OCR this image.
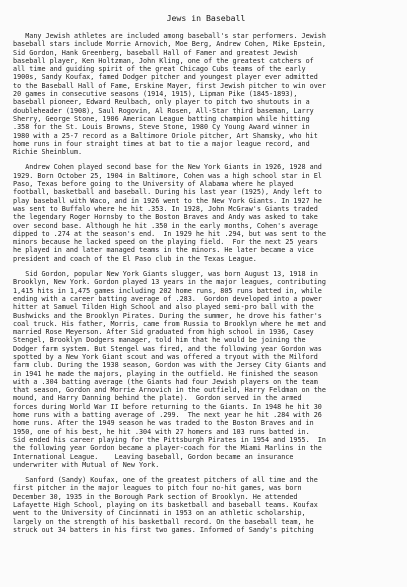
Jews in Baseball
Many Jewish athletes are included among baseball's star performers. Jewish
baseball stars include Morrie Arnovich, Moe Berg, Andrew Cohen, Mike Epstein,
Sid Gordon, Hank Greenberg, baseball Hall of Famer and greatest Jewish
baseball player, Ken Holtzman, John Kling, one of the greatest catchers of
all time and guiding spirit of the great Chicago Cubs teams of the early
1900s, Sandy Koufax, famed Dodger pitcher and youngest player ever admitted
to the Baseball Hall of Fame, Erskine Mayer, first Jewish pitcher to win over
20 games in consecutive seasons (1914, 1915), Lipman Pike (1845-1893),
baseball pioneer, Edward Reulbach, only player to pitch two shutouts in a
doubleheader (1908), Saul Rogovin, Al Rosen, All-Star third baseman, Larry
Sherry, George Stone, 1906 American League batting champion while hitting
.358 for the St. Louis Browns, Steve Stone, 1980 Cy Young Award winner in
1980 with a 25-7 record as a Baltimore Oriole pitcher, Art Shamsky, who hit
home runs in four straight times at bat to tie a major league record, and
Richie Sheinblum.
Andrew Cohen played second base for the New York Giants in 1926, 1928 and
1929. Born October 25, 1904 in Baltimore, Cohen was a high school star in El
Paso, Texas before going to the University of Alabama where he played
football, basketball and baseball. During his last year (1925), Andy left to
play baseball with Waco, and in 1926 went to the New York Giants. In 1927 he
was sent to Buffalo where he hit .353. In 1928, John McGraw's Giants traded
the legendary Roger Hornsby to the Boston Braves and Andy was asked to take
over second base. Although he hit .350 in the early months, Cohen's average
dipped to .274 at the season's end.  In 1929 he hit .294, but was sent to the
minors because he lacked speed on the playing field.  For the next 25 years
he played in and later managed teams in the minors. He later became a vice
president and coach of the El Paso club in the Texas League.
Sid Gordon, popular New York Giants slugger, was born August 13, 1918 in
Brooklyn, New York. Gordon played 13 years in the major leagues, contributing
1,415 hits in 1,475 games including 202 home runs, 805 runs batted in, while
ending with a career batting average of .283.  Gordon developed into a power
hitter at Samuel Tilden High School and also played semi-pro ball with the
Bushwicks and the Brooklyn Pirates. During the summer, he drove his father's
coal truck. His father, Morris, came from Russia to Brooklyn where he met and
married Rose Meyerson. After Sid graduated from high school in 1936, Casey
Stengel, Brooklyn Dodgers manager, told him that he would be joining the
Dodger farm system. But Stengel was fired, and the following year Gordon was
spotted by a New York Giant scout and was offered a tryout with the Milford
farm club. During the 1938 season, Gordon was with the Jersey City Giants and
in 1941 he made the majors, playing in the outfield. He finished the season
with a .304 batting average (the Giants had four Jewish players on the team
that season, Gordon and Morrie Arnovich in the outfield, Harry Feldman on the
mound, and Harry Danning behind the plate).  Gordon served in the armed
forces during World War II before returning to the Giants. In 1948 he hit 30
home runs with a batting average of .299.  The next year he hit .284 with 26
home runs. After the 1949 season he was traded to the Boston Braves and in
1950, one of his best, he hit .304 with 27 homers and 103 runs batted in.
Sid ended his career playing for the Pittsburgh Pirates in 1954 and 1955.  In
the following year Gordon became a player-coach for the Miami Marlins in the
International League.    Leaving baseball, Gordon became an insurance
underwriter with Mutual of New York.
Sanford (Sandy) Koufax, one of the greatest pitchers of all time and the
first pitcher in the major leagues to pitch four no-hit games, was born
December 30, 1935 in the Borough Park section of Brooklyn. He attended
Lafayette High School, playing on its basketball and baseball teams. Koufax
went to the University of Cincinnati in 1953 on an athletic scholarship,
largely on the strength of his basketball record. On the baseball team, he
struck out 34 batters in his first two games. Informed of Sandy's pitching
